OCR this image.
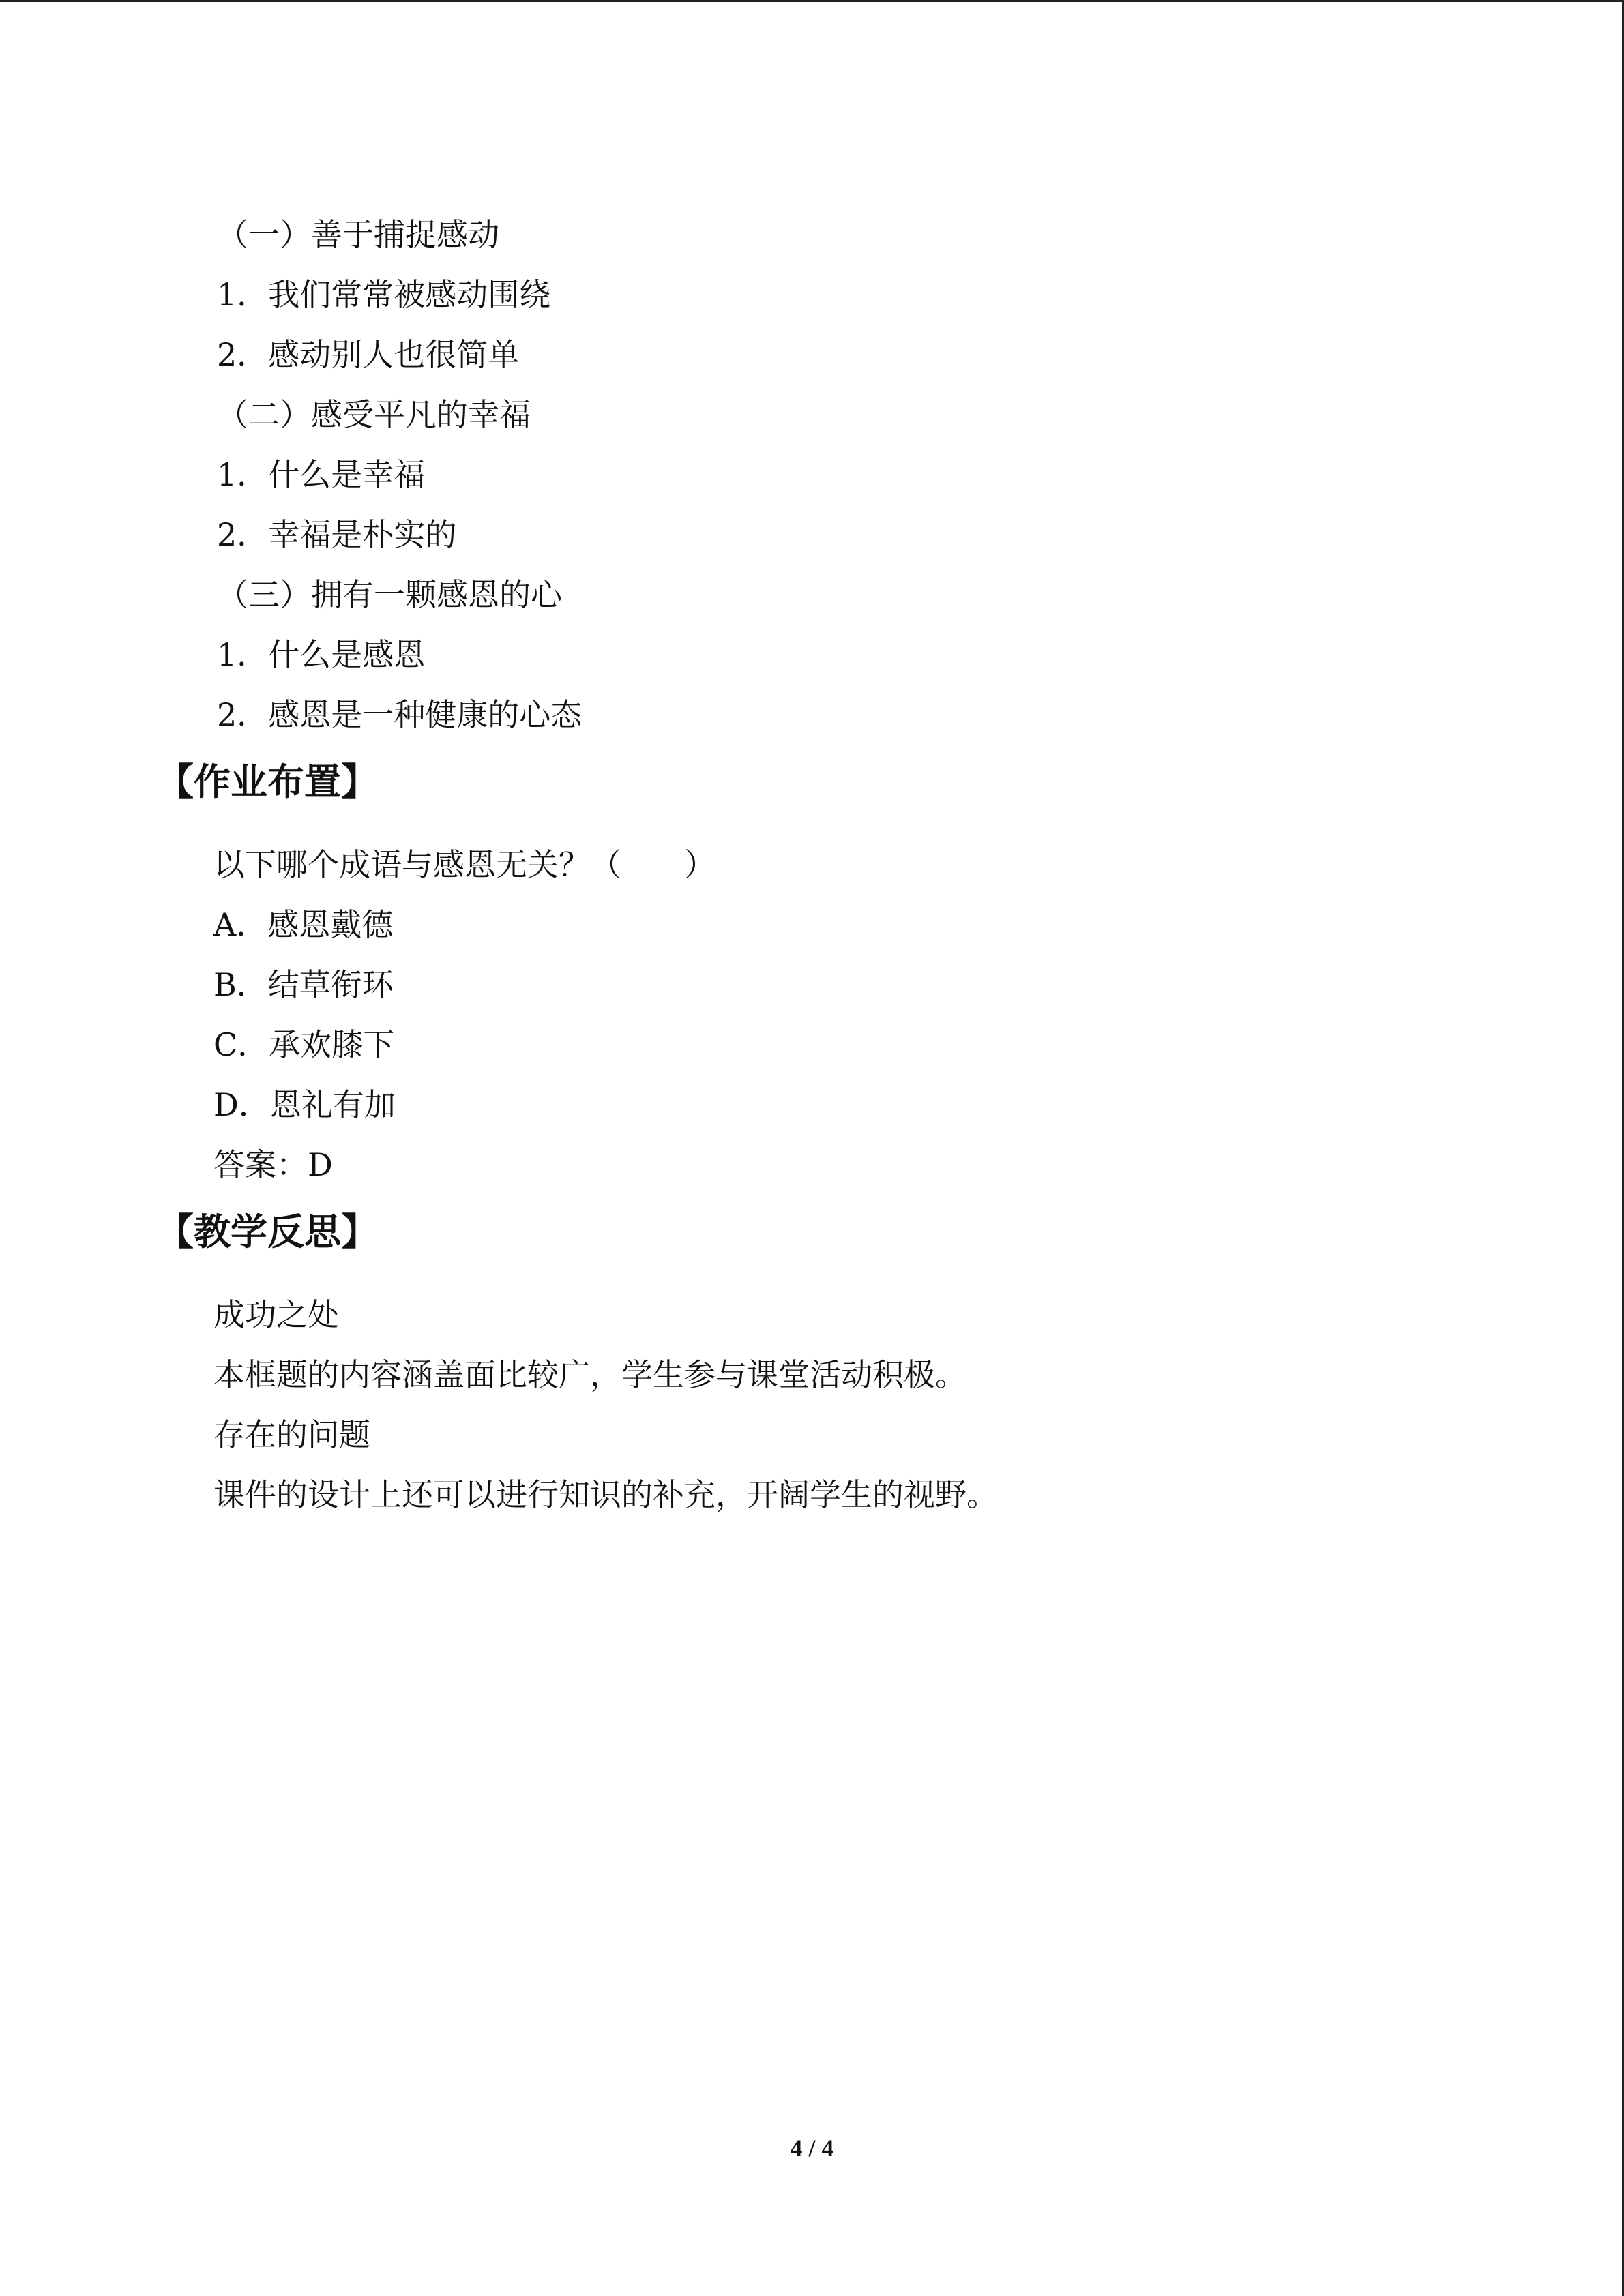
（一）善于捕捉感动
1．我们常常被感动围绕
2．感动别人也很简单
（二）感受平凡的幸福
1．什么是幸福
2．幸福是朴实的
（三）拥有一颗感恩的心
1．什么是感恩
2．感恩是一种健康的心态
【作业布置】
以下哪个成语与感恩无关？（　　）
A．感恩戴德
B．结草衔环
C．承欢膝下
D．恩礼有加
答案：D
【教学反思】
成功之处
本框题的内容涵盖面比较广，学生参与课堂活动积极。
存在的问题
课件的设计上还可以进行知识的补充，开阔学生的视野。
4 / 4
